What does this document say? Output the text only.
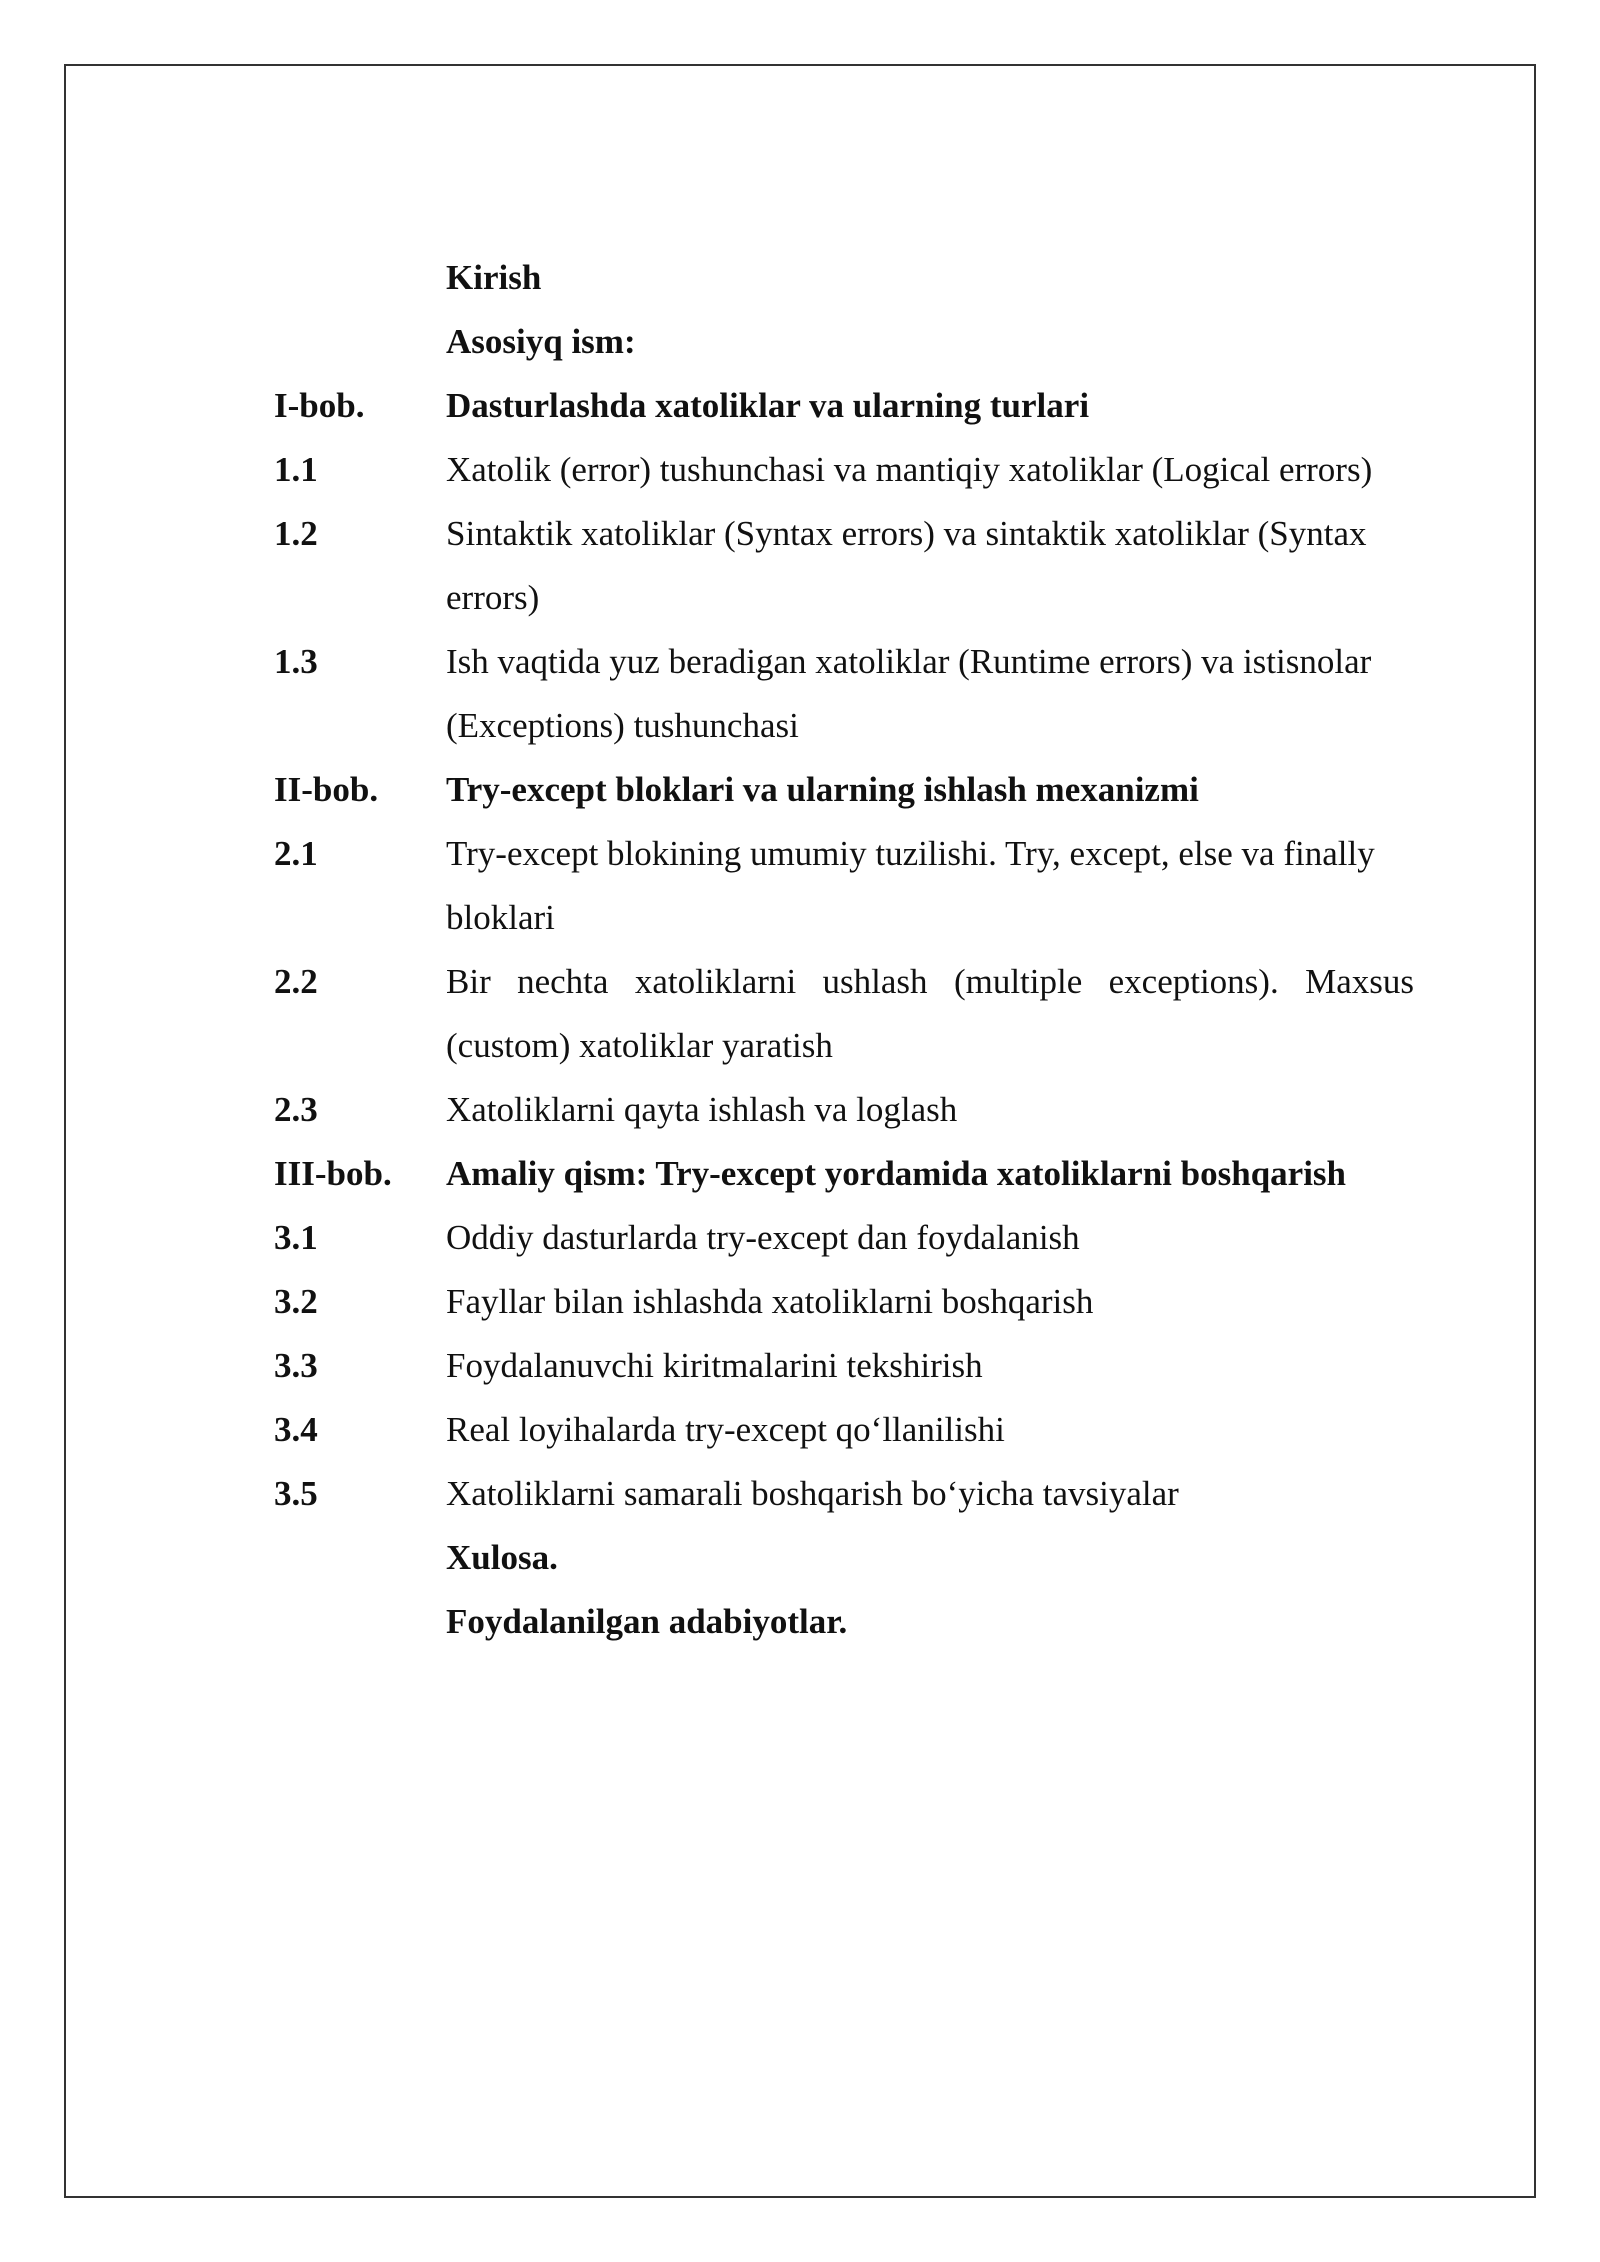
Kirish
Asosiyq ism:
I-bob.	Dasturlashda xatoliklar va ularning turlari
1.1	Xatolik (error) tushunchasi va mantiqiy xatoliklar (Logical errors)
1.2	Sintaktik xatoliklar (Syntax errors) va sintaktik xatoliklar (Syntax errors)
1.3	Ish vaqtida yuz beradigan xatoliklar (Runtime errors) va istisnolar (Exceptions) tushunchasi
II-bob.	Try-except bloklari va ularning ishlash mexanizmi
2.1	Try-except blokining umumiy tuzilishi. Try, except, else va finally bloklari
2.2	Bir nechta xatoliklarni ushlash (multiple exceptions). Maxsus (custom) xatoliklar yaratish
2.3	Xatoliklarni qayta ishlash va loglash
III-bob.	Amaliy qism: Try-except yordamida xatoliklarni boshqarish
3.1	Oddiy dasturlarda try-except dan foydalanish
3.2	Fayllar bilan ishlashda xatoliklarni boshqarish
3.3	Foydalanuvchi kiritmalarini tekshirish
3.4	Real loyihalarda try-except qo‘llanilishi
3.5	Xatoliklarni samarali boshqarish bo‘yicha tavsiyalar
Xulosa.
Foydalanilgan adabiyotlar.
